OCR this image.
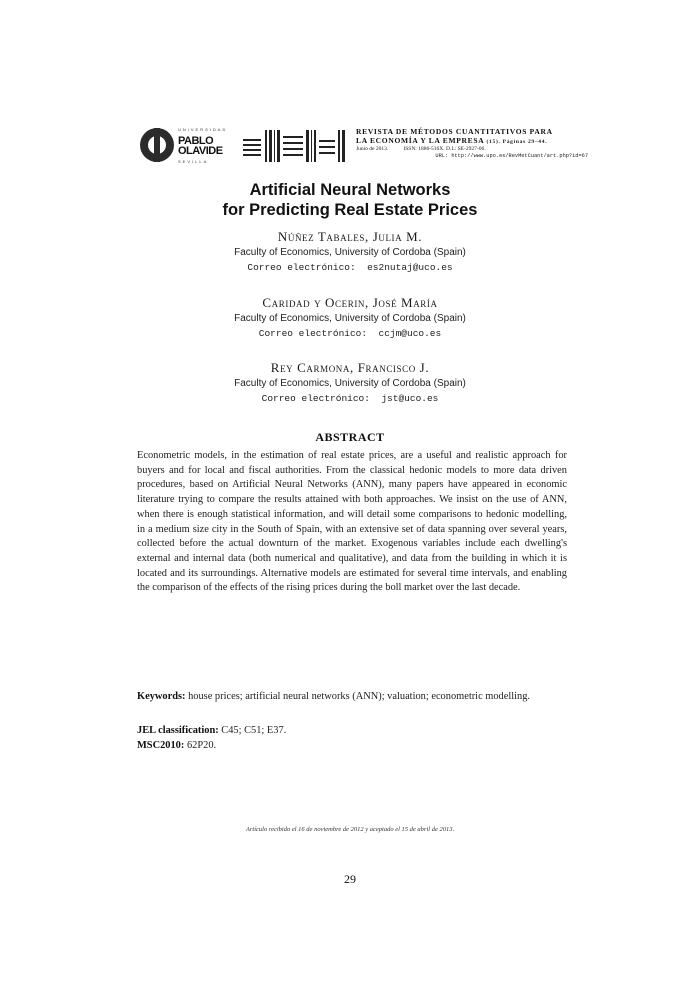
UNIVERSIDAD
PABLO
OLAVIDE
SEVILLA
REVISTA DE MÉTODOS CUANTITATIVOS PARA
LA ECONOMÍA Y LA EMPRESA (15). Páginas 29–44.
Junio de 2013.	ISSN: 1886-516X. D.L: SE-2927-06.
URL: http://www.upo.es/RevMetCuant/art.php?id=67
Artificial Neural Networks
for Predicting Real Estate Prices
Núñez Tabales, Julia M.
Faculty of Economics, University of Cordoba (Spain)
Correo electrónico: es2nutaj@uco.es
Caridad y Ocerin, José María
Faculty of Economics, University of Cordoba (Spain)
Correo electrónico: ccjm@uco.es
Rey Carmona, Francisco J.
Faculty of Economics, University of Cordoba (Spain)
Correo electrónico: jst@uco.es
ABSTRACT
Econometric models, in the estimation of real estate prices, are a useful and realistic approach for buyers and for local and fiscal authorities. From the classical hedonic models to more data driven procedures, based on Artificial Neural Networks (ANN), many papers have appeared in economic literature trying to compare the results attained with both approaches. We insist on the use of ANN, when there is enough statistical information, and will detail some comparisons to hedonic modelling, in a medium size city in the South of Spain, with an extensive set of data spanning over several years, collected before the actual downturn of the market. Exogenous variables include each dwelling's external and internal data (both numerical and qualitative), and data from the building in which it is located and its surroundings. Alternative models are estimated for several time intervals, and enabling the comparison of the effects of the rising prices during the boll market over the last decade.
Keywords: house prices; artificial neural networks (ANN); valuation; econometric modelling.
JEL classification: C45; C51; E37.
MSC2010: 62P20.
Artículo recibido el 16 de noviembre de 2012 y aceptado el 15 de abril de 2013.
29
